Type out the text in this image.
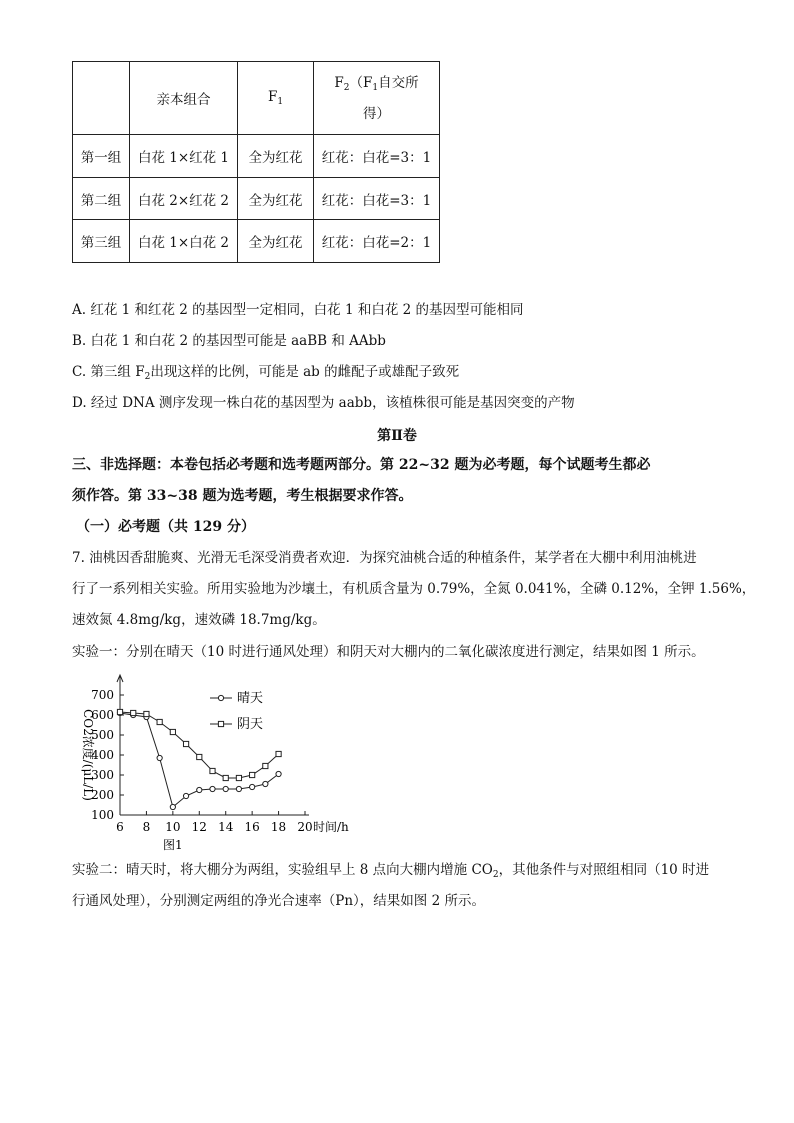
	亲本组合	$F_1$	$F_2(F_1$自交所
得）
第一组	白花 1×红花 1	全为红花	红花：白花=3：1
第二组	白花 2×红花 2	全为红花	红花：白花=3：1
第三组	白花 1×白花 2	全为红花	红花：白花=2：1
A. 红花 1 和红花 2 的基因型一定相同，白花 1 和白花 2 的基因型可能相同
B. 白花 1 和白花 2 的基因型可能是 aaBB 和 AAbb
C. 第三组 $F_2$出现这样的比例，可能是 ab 的雌配子或雄配子致死
D. 经过 DNA 测序发现一株白花的基因型为 aabb，该植株很可能是基因突变的产物
第Ⅱ卷
三、非选择题：本卷包括必考题和选考题两部分。第 22~32 题为必考题，每个试题考生都必
须作答。第 33~38 题为选考题，考生根据要求作答。
（一）必考题（共 129 分）
7. 油桃因香甜脆爽、光滑无毛深受消费者欢迎．为探究油桃合适的种植条件，某学者在大棚中利用油桃进
行了一系列相关实验。所用实验地为沙壤土，有机质含量为 0.79%，全氮 0.041%，全磷 0.12%，全钾 1.56%，
速效氮 4.8mg/kg，速效磷 18.7mg/kg。
实验一：分别在晴天（10 时进行通风处理）和阴天对大棚内的二氧化碳浓度进行测定，结果如图 1 所示。
100
200
300
400
500
600
700
6 8 10 12 14 16 18 20
晴天
阴天
CO2浓度/(μL/L)
时间/h
图1
实验二：晴天时，将大棚分为两组，实验组早上 8 点向大棚内增施 $CO_2$，其他条件与对照组相同（10 时进
行通风处理），分别测定两组的净光合速率（Pn），结果如图 2 所示。
